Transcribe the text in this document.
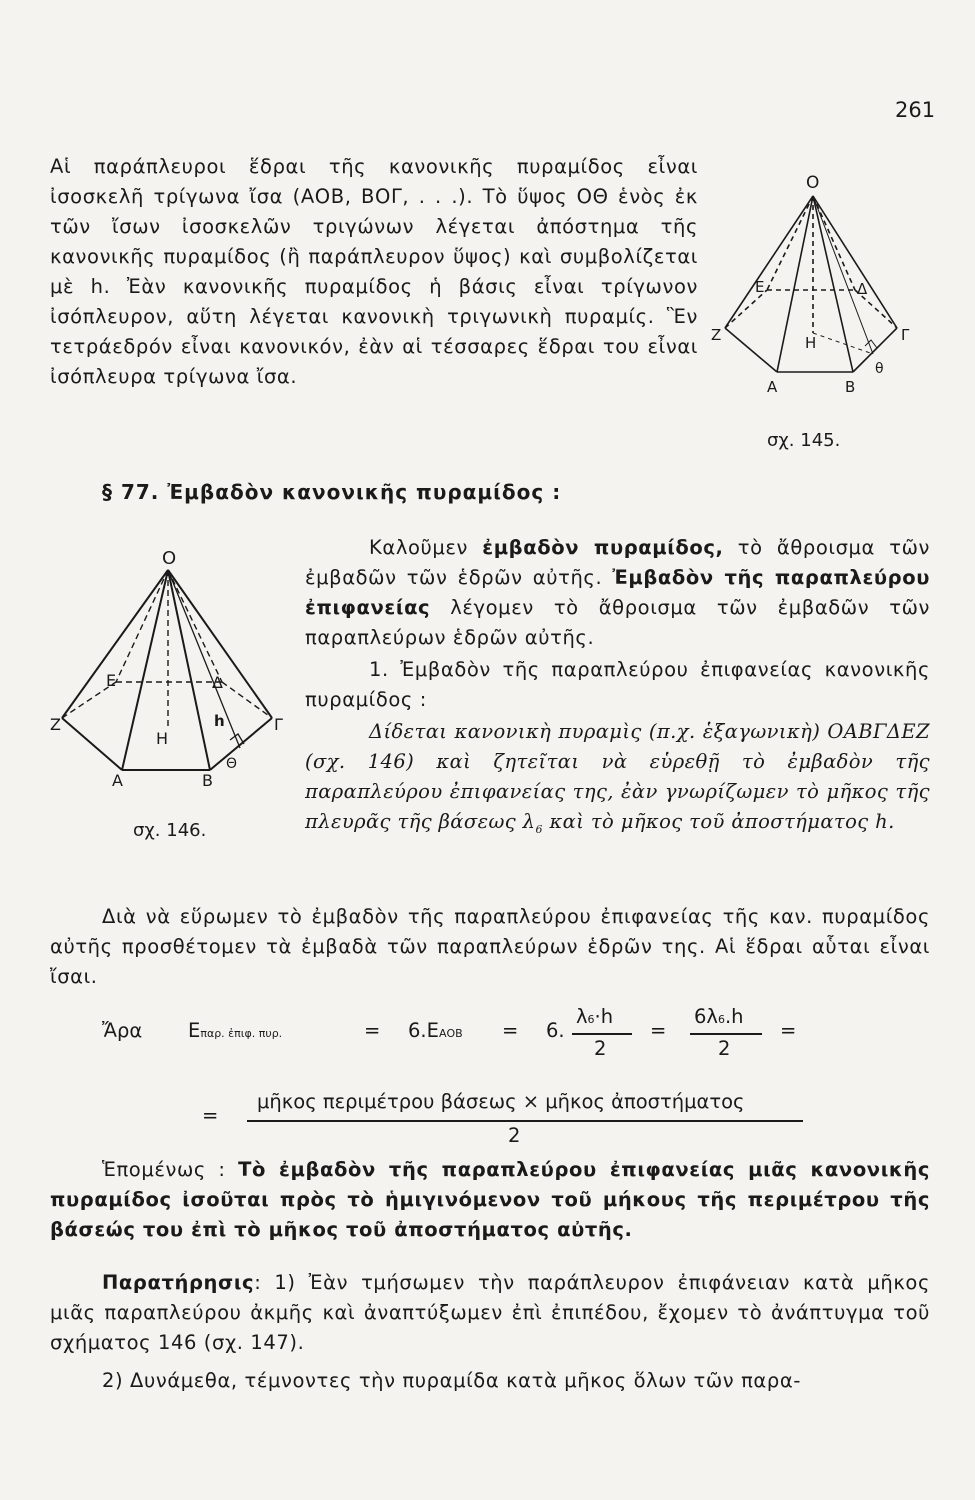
261

Αἱ παράπλευροι ἕδραι τῆς κανονικῆς πυραμίδος εἶναι ἰσοσκελῆ τρίγωνα ἴσα (ΑΟΒ, ΒΟΓ, . . .). Τὸ ὕψος ΟΘ ἑνὸς ἐκ τῶν ἴσων ἰσοσκελῶν τριγώνων λέγεται ἀπόστημα τῆς κανονικῆς πυραμίδος (ἢ παράπλευρον ὕψος) καὶ συμβολίζεται μὲ h. Ἐὰν κανονικῆς πυραμίδος ἡ βάσις εἶναι τρίγωνον ἰσόπλευρον, αὕτη λέγεται κανονικὴ τριγωνικὴ πυραμίς. Ἓν τετράεδρόν εἶναι κανονικόν, ἐὰν αἱ τέσσαρες ἕδραι του εἶναι ἰσόπλευρα τρίγωνα ἴσα.

Ο
Ε	Δ
Ζ	Γ
Η
Α	Β
θ
σχ. 145.
§ 77. Ἐμβαδὸν κανονικῆς πυραμίδος :
Ο
Ε	Δ
Ζ	Γ
Η
h
Α	Β
Θ
σχ. 146.

Καλοῦμεν ἐμβαδὸν πυραμίδος, τὸ ἄθροισμα τῶν ἐμβαδῶν τῶν ἑδρῶν αὐτῆς. Ἐμβαδὸν τῆς παραπλεύρου ἐπιφανείας λέγομεν τὸ ἄθροισμα τῶν ἐμβαδῶν τῶν παραπλεύρων ἑδρῶν αὐτῆς.

1. Ἐμβαδὸν τῆς παραπλεύρου ἐπιφανείας κανονικῆς πυραμίδος :

Δίδεται κανονικὴ πυραμὶς (π.χ. ἑξαγωνικὴ) ΟΑΒΓΔΕΖ (σχ. 146) καὶ ζητεῖται νὰ εὑρεθῇ τὸ ἐμβαδὸν τῆς παραπλεύρου ἐπιφανείας της, ἐὰν γνωρίζωμεν τὸ μῆκος τῆς πλευρᾶς τῆς βάσεως $\lambda_6$ καὶ τὸ μῆκος τοῦ ἀποστήματος h.

Διὰ νὰ εὕρωμεν τὸ ἐμβαδὸν τῆς παραπλεύρου ἐπιφανείας τῆς καν. πυραμίδος αὐτῆς προσθέτομεν τὰ ἐμβαδὰ τῶν παραπλεύρων ἑδρῶν της. Αἱ ἕδραι αὗται εἶναι ἴσαι.

Ἄρα Επαρ. ἐπιφ. πυρ.	= 6.ΕΑΟΒ = 6.
λ6·h
2
=
6λ6.h
2
=
=
μῆκος περιμέτρου βάσεως × μῆκος ἀποστήματος
2

Ἑπομένως : Τὸ ἐμβαδὸν τῆς παραπλεύρου ἐπιφανείας μιᾶς κανονικῆς πυραμίδος ἰσοῦται πρὸς τὸ ἡμιγινόμενον τοῦ μήκους τῆς περιμέτρου τῆς βάσεώς του ἐπὶ τὸ μῆκος τοῦ ἀποστήματος αὐτῆς.

Παρατήρησις: 1) Ἐὰν τμήσωμεν τὴν παράπλευρον ἐπιφάνειαν κατὰ μῆκος μιᾶς παραπλεύρου ἀκμῆς καὶ ἀναπτύξωμεν ἐπὶ ἐπιπέδου, ἔχομεν τὸ ἀνάπτυγμα τοῦ σχήματος 146 (σχ. 147).

2) Δυνάμεθα, τέμνοντες τὴν πυραμίδα κατὰ μῆκος ὅλων τῶν παρα-
